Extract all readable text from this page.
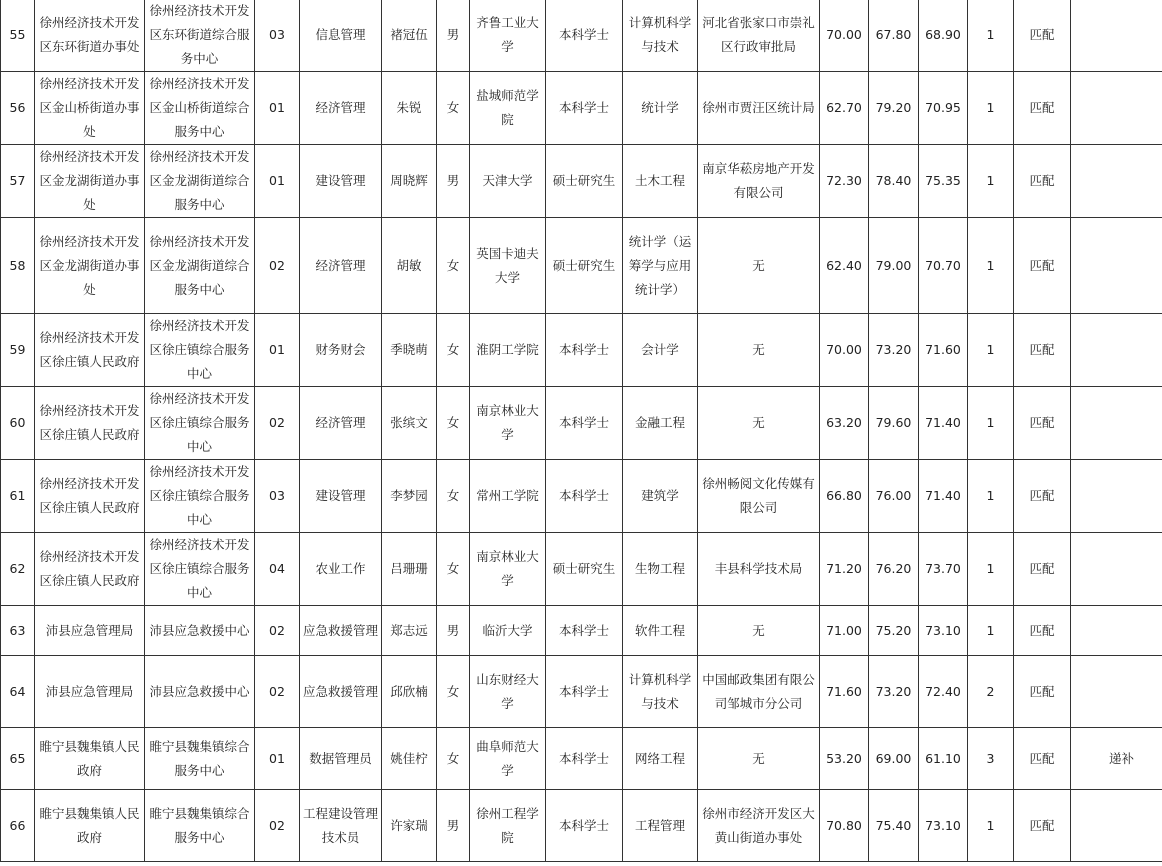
55	徐州经济技术开发区东环街道办事处	徐州经济技术开发区东环街道综合服务中心	03	信息管理	褚冠伍	男	齐鲁工业大学	本科学士	计算机科学与技术	河北省张家口市崇礼区行政审批局	70.00	67.80	68.90	1	匹配	
56	徐州经济技术开发区金山桥街道办事处	徐州经济技术开发区金山桥街道综合服务中心	01	经济管理	朱锐	女	盐城师范学院	本科学士	统计学	徐州市贾汪区统计局	62.70	79.20	70.95	1	匹配	
57	徐州经济技术开发区金龙湖街道办事处	徐州经济技术开发区金龙湖街道综合服务中心	01	建设管理	周晓辉	男	天津大学	硕士研究生	土木工程	南京华菘房地产开发有限公司	72.30	78.40	75.35	1	匹配	
58	徐州经济技术开发区金龙湖街道办事处	徐州经济技术开发区金龙湖街道综合服务中心	02	经济管理	胡敏	女	英国卡迪夫大学	硕士研究生	统计学（运筹学与应用统计学）	无	62.40	79.00	70.70	1	匹配	
59	徐州经济技术开发区徐庄镇人民政府	徐州经济技术开发区徐庄镇综合服务中心	01	财务财会	季晓萌	女	淮阴工学院	本科学士	会计学	无	70.00	73.20	71.60	1	匹配	
60	徐州经济技术开发区徐庄镇人民政府	徐州经济技术开发区徐庄镇综合服务中心	02	经济管理	张缤文	女	南京林业大学	本科学士	金融工程	无	63.20	79.60	71.40	1	匹配	
61	徐州经济技术开发区徐庄镇人民政府	徐州经济技术开发区徐庄镇综合服务中心	03	建设管理	李梦园	女	常州工学院	本科学士	建筑学	徐州畅阅文化传媒有限公司	66.80	76.00	71.40	1	匹配	
62	徐州经济技术开发区徐庄镇人民政府	徐州经济技术开发区徐庄镇综合服务中心	04	农业工作	吕珊珊	女	南京林业大学	硕士研究生	生物工程	丰县科学技术局	71.20	76.20	73.70	1	匹配	
63	沛县应急管理局	沛县应急救援中心	02	应急救援管理	郑志远	男	临沂大学	本科学士	软件工程	无	71.00	75.20	73.10	1	匹配	
64	沛县应急管理局	沛县应急救援中心	02	应急救援管理	邱欣楠	女	山东财经大学	本科学士	计算机科学与技术	中国邮政集团有限公司邹城市分公司	71.60	73.20	72.40	2	匹配	
65	睢宁县魏集镇人民政府	睢宁县魏集镇综合服务中心	01	数据管理员	姚佳柠	女	曲阜师范大学	本科学士	网络工程	无	53.20	69.00	61.10	3	匹配	递补
66	睢宁县魏集镇人民政府	睢宁县魏集镇综合服务中心	02	工程建设管理技术员	许家瑞	男	徐州工程学院	本科学士	工程管理	徐州市经济开发区大黄山街道办事处	70.80	75.40	73.10	1	匹配	
